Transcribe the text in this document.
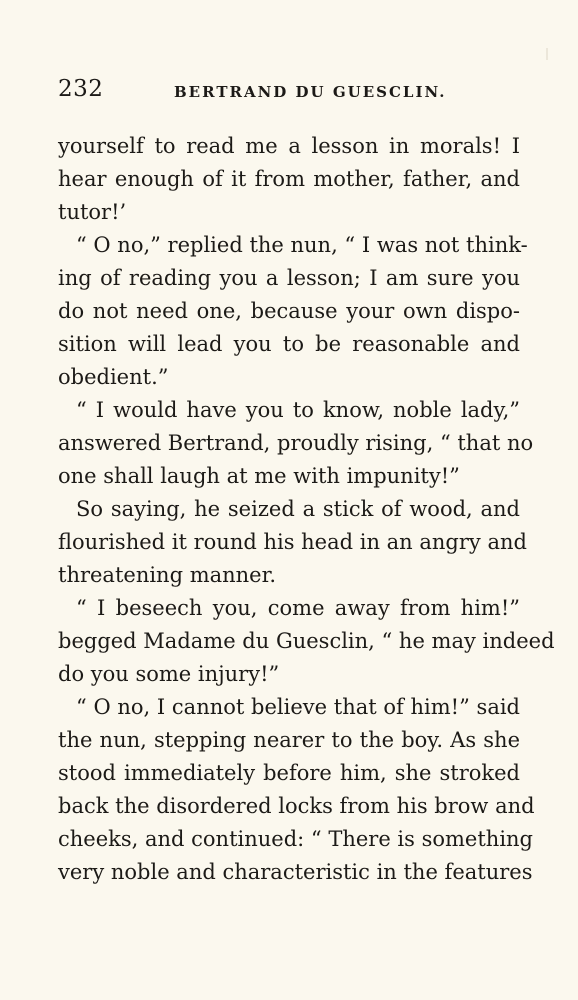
232	BERTRAND DU GUESCLIN.
yourself to read me a lesson in morals! I
hear enough of it from mother, father, and
tutor!’
“ O no,” replied the nun, “ I was not think-
ing of reading you a lesson; I am sure you
do not need one, because your own dispo-
sition will lead you to be reasonable and
obedient.”
“ I would have you to know, noble lady,”
answered Bertrand, proudly rising, “ that no
one shall laugh at me with impunity!”
So saying, he seized a stick of wood, and
flourished it round his head in an angry and
threatening manner.
“ I beseech you, come away from him!”
begged Madame du Guesclin, “ he may indeed
do you some injury!”
“ O no, I cannot believe that of him!” said
the nun, stepping nearer to the boy. As she
stood immediately before him, she stroked
back the disordered locks from his brow and
cheeks, and continued: “ There is something
very noble and characteristic in the features
